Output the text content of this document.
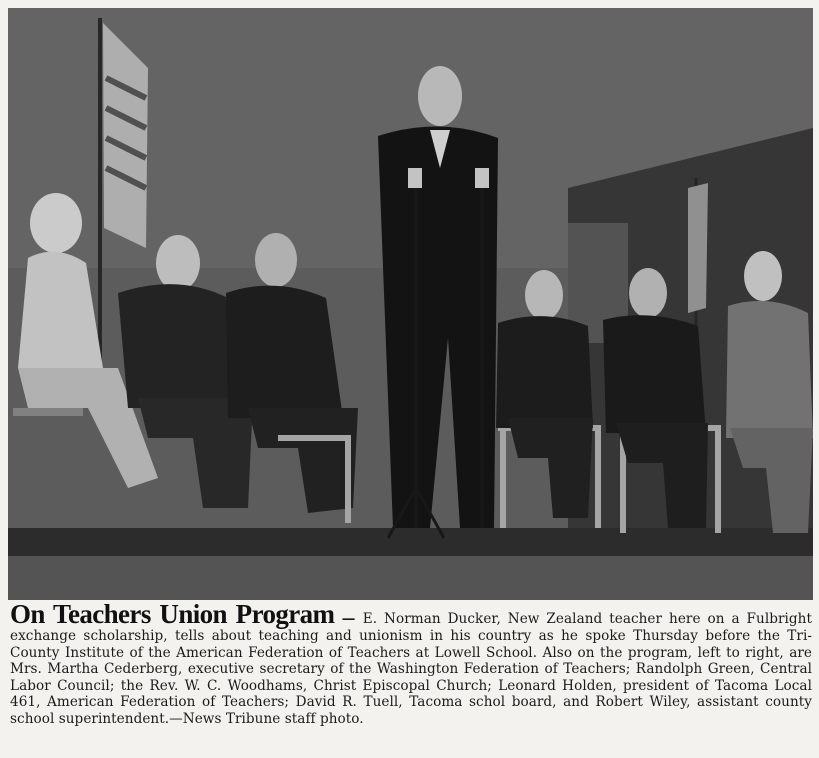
On Teachers Union Program — E. Norman Ducker, New Zealand teacher here on a Fulbright exchange scholarship, tells about teaching and unionism in his country as he spoke Thursday before the Tri-County Institute of the American Federation of Teachers at Lowell School. Also on the program, left to right, are Mrs. Martha Cederberg, executive secretary of the Washington Federation of Teachers; Randolph Green, Central Labor Council; the Rev. W. C. Woodhams, Christ Episcopal Church; Leonard Holden, president of Tacoma Local 461, American Federation of Teachers; David R. Tuell, Tacoma schol board, and Robert Wiley, assistant county school superintendent.—News Tribune staff photo.
